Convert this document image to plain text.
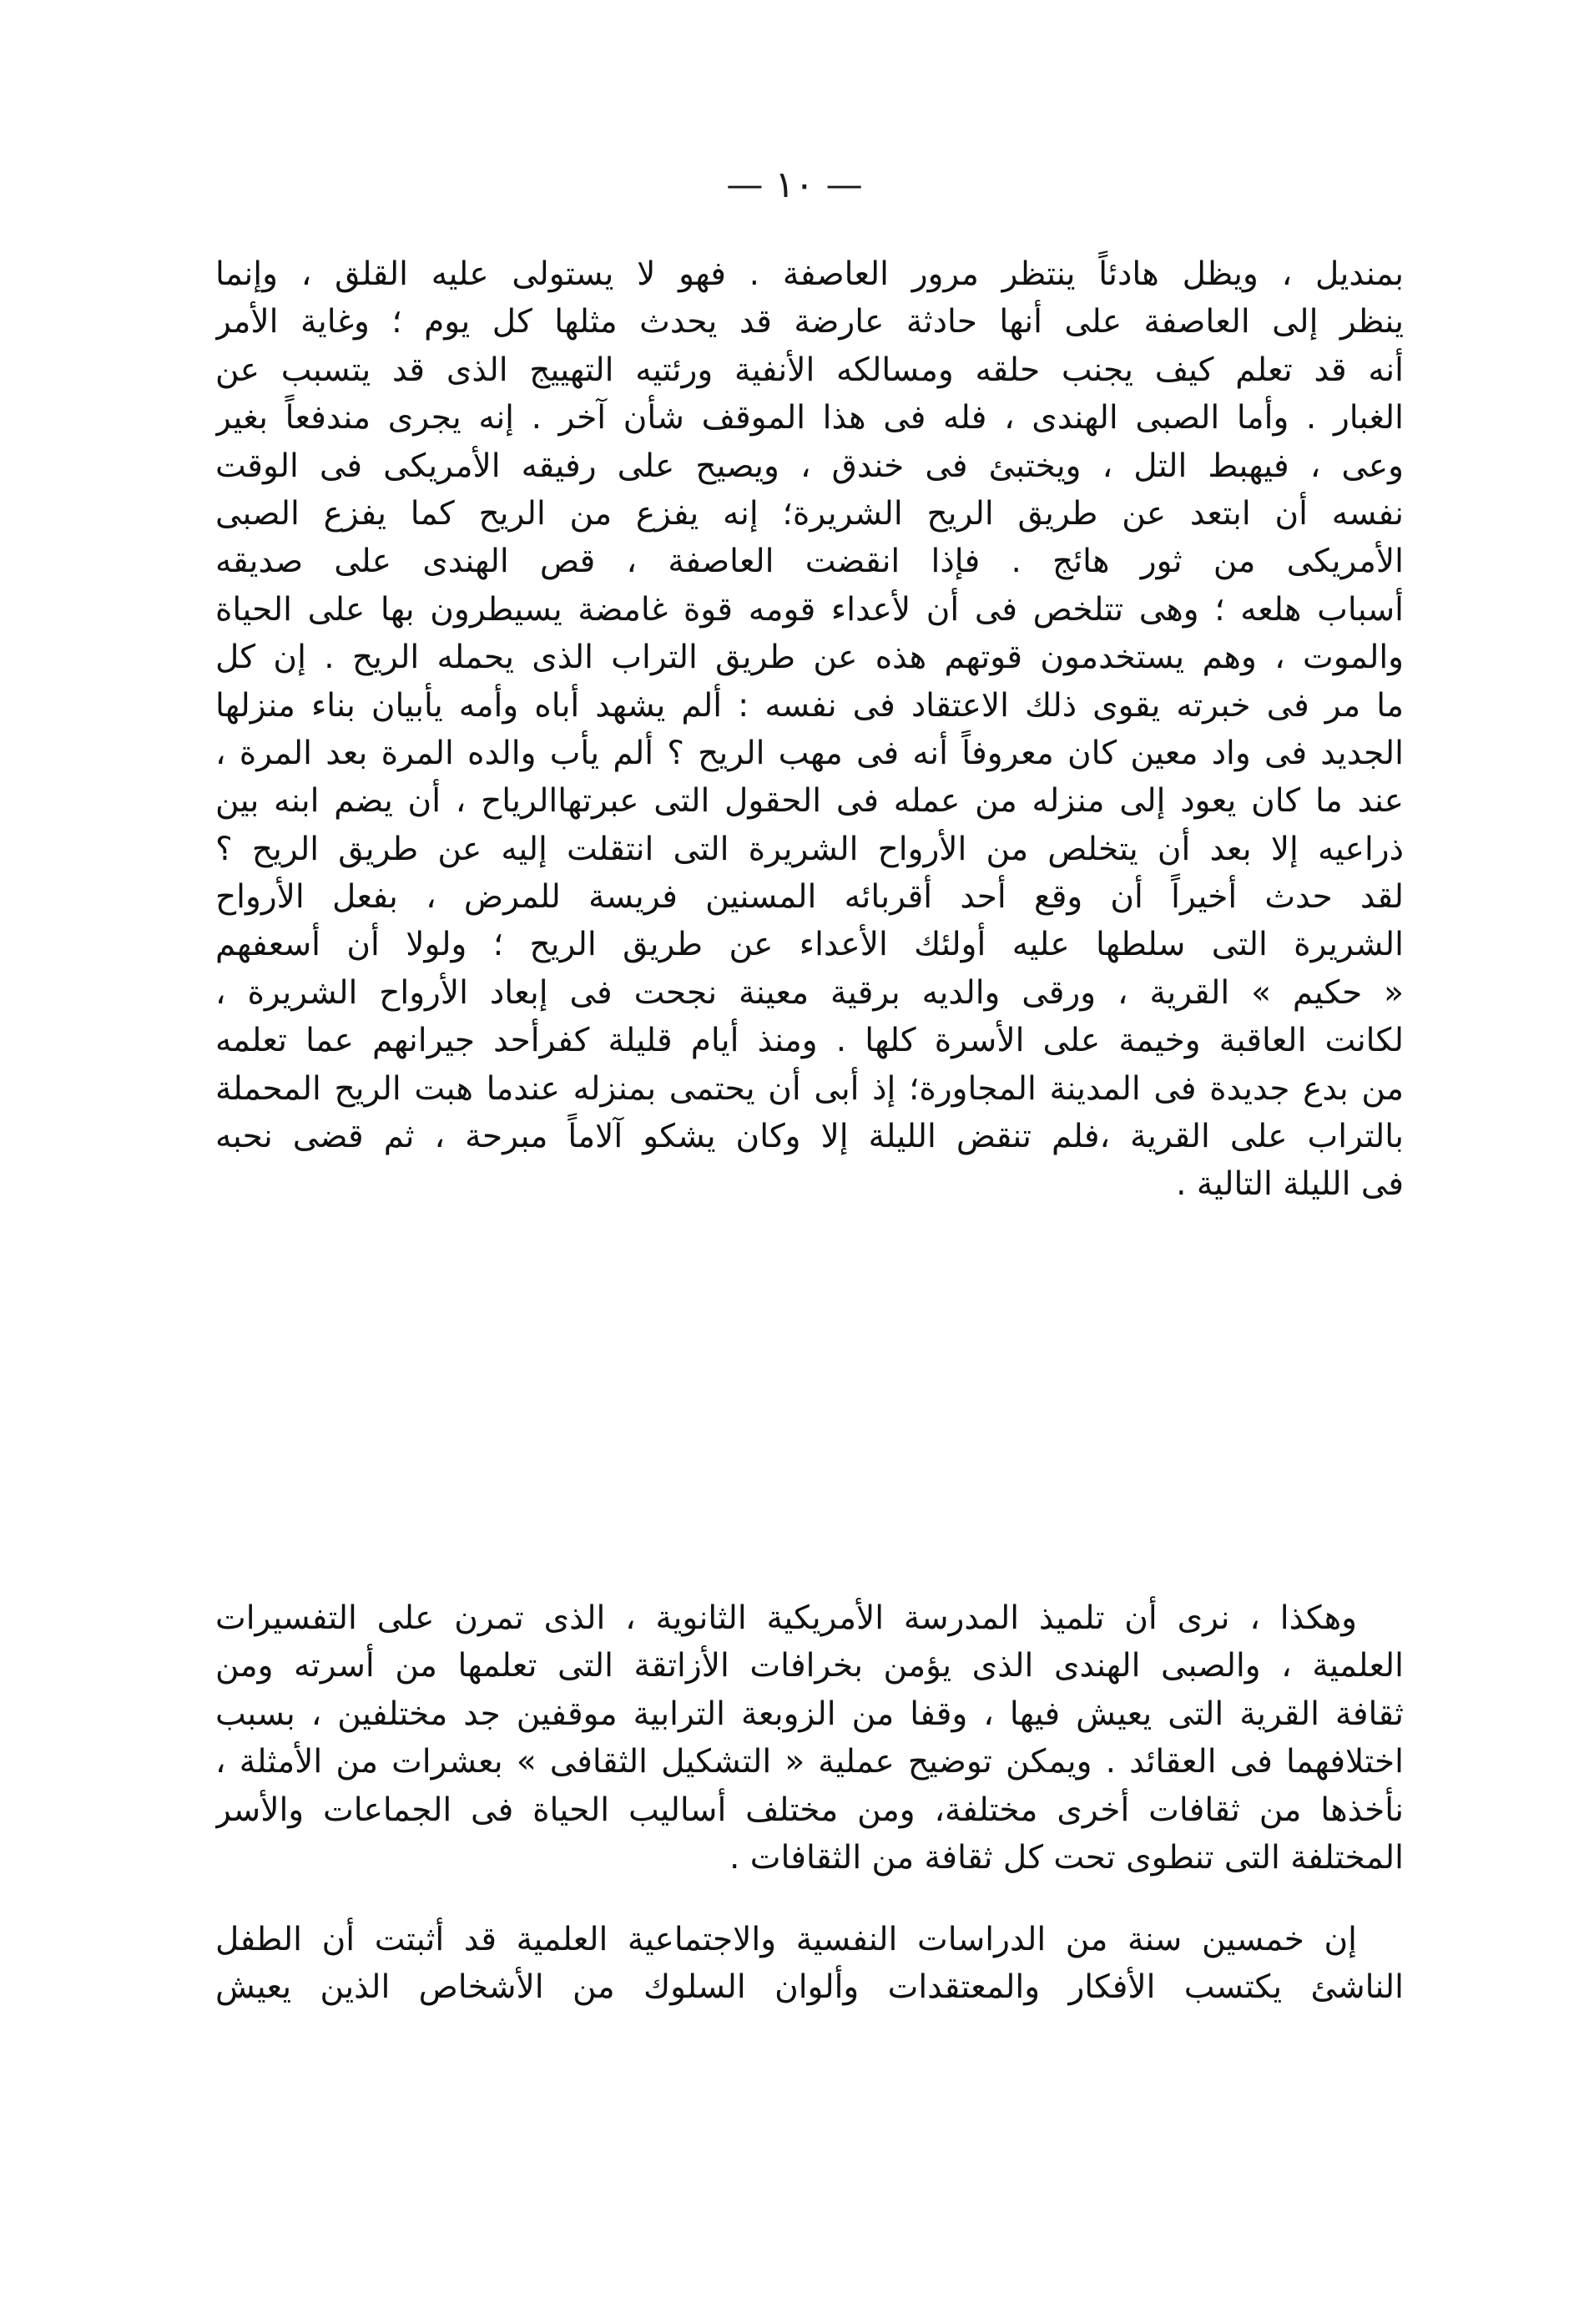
— ١٠ —
بمنديل ، ويظل هادئاً ينتظر مرور العاصفة . فهو لا يستولى عليه القلق ، وإنما
ينظر إلى العاصفة على أنها حادثة عارضة قد يحدث مثلها كل يوم ؛ وغاية الأمر
أنه قد تعلم كيف يجنب حلقه ومسالكه الأنفية ورئتيه التهييج الذى قد يتسبب عن
الغبار . وأما الصبى الهندى ، فله فى هذا الموقف شأن آخر . إنه يجرى مندفعاً بغير
وعى ، فيهبط التل ، ويختبئ فى خندق ، ويصيح على رفيقه الأمريكى فى الوقت
نفسه أن ابتعد عن طريق الريح الشريرة؛ إنه يفزع من الريح كما يفزع الصبى
الأمريكى من ثور هائج . فإذا انقضت العاصفة ، قص الهندى على صديقه
أسباب هلعه ؛ وهى تتلخص فى أن لأعداء قومه قوة غامضة يسيطرون بها على الحياة
والموت ، وهم يستخدمون قوتهم هذه عن طريق التراب الذى يحمله الريح . إن كل
ما مر فى خبرته يقوى ذلك الاعتقاد فى نفسه : ألم يشهد أباه وأمه يأبيان بناء منزلها
الجديد فى واد معين كان معروفاً أنه فى مهب الريح ؟ ألم يأب والده المرة بعد المرة ،
عند ما كان يعود إلى منزله من عمله فى الحقول التى عبرتهاالرياح ، أن يضم ابنه بين
ذراعيه إلا بعد أن يتخلص من الأرواح الشريرة التى انتقلت إليه عن طريق الريح ؟
لقد حدث أخيراً أن وقع أحد أقربائه المسنين فريسة للمرض ، بفعل الأرواح
الشريرة التى سلطها عليه أولئك الأعداء عن طريق الريح ؛ ولولا أن أسعفهم
« حكيم » القرية ، ورقى والديه برقية معينة نجحت فى إبعاد الأرواح الشريرة ،
لكانت العاقبة وخيمة على الأسرة كلها . ومنذ أيام قليلة كفرأحد جيرانهم عما تعلمه
من بدع جديدة فى المدينة المجاورة؛ إذ أبى أن يحتمى بمنزله عندما هبت الريح المحملة
بالتراب على القرية ،فلم تنقض الليلة إلا وكان يشكو آلاماً مبرحة ، ثم قضى نحبه
فى الليلة التالية .
وهكذا ، نرى أن تلميذ المدرسة الأمريكية الثانوية ، الذى تمرن على التفسيرات
العلمية ، والصبى الهندى الذى يؤمن بخرافات الأزاتقة التى تعلمها من أسرته ومن
ثقافة القرية التى يعيش فيها ، وقفا من الزوبعة الترابية موقفين جد مختلفين ، بسبب
اختلافهما فى العقائد . ويمكن توضيح عملية « التشكيل الثقافى » بعشرات من الأمثلة ،
نأخذها من ثقافات أخرى مختلفة، ومن مختلف أساليب الحياة فى الجماعات والأسر
المختلفة التى تنطوى تحت كل ثقافة من الثقافات .
إن خمسين سنة من الدراسات النفسية والاجتماعية العلمية قد أثبتت أن الطفل
الناشئ يكتسب الأفكار والمعتقدات وألوان السلوك من الأشخاص الذين يعيش
